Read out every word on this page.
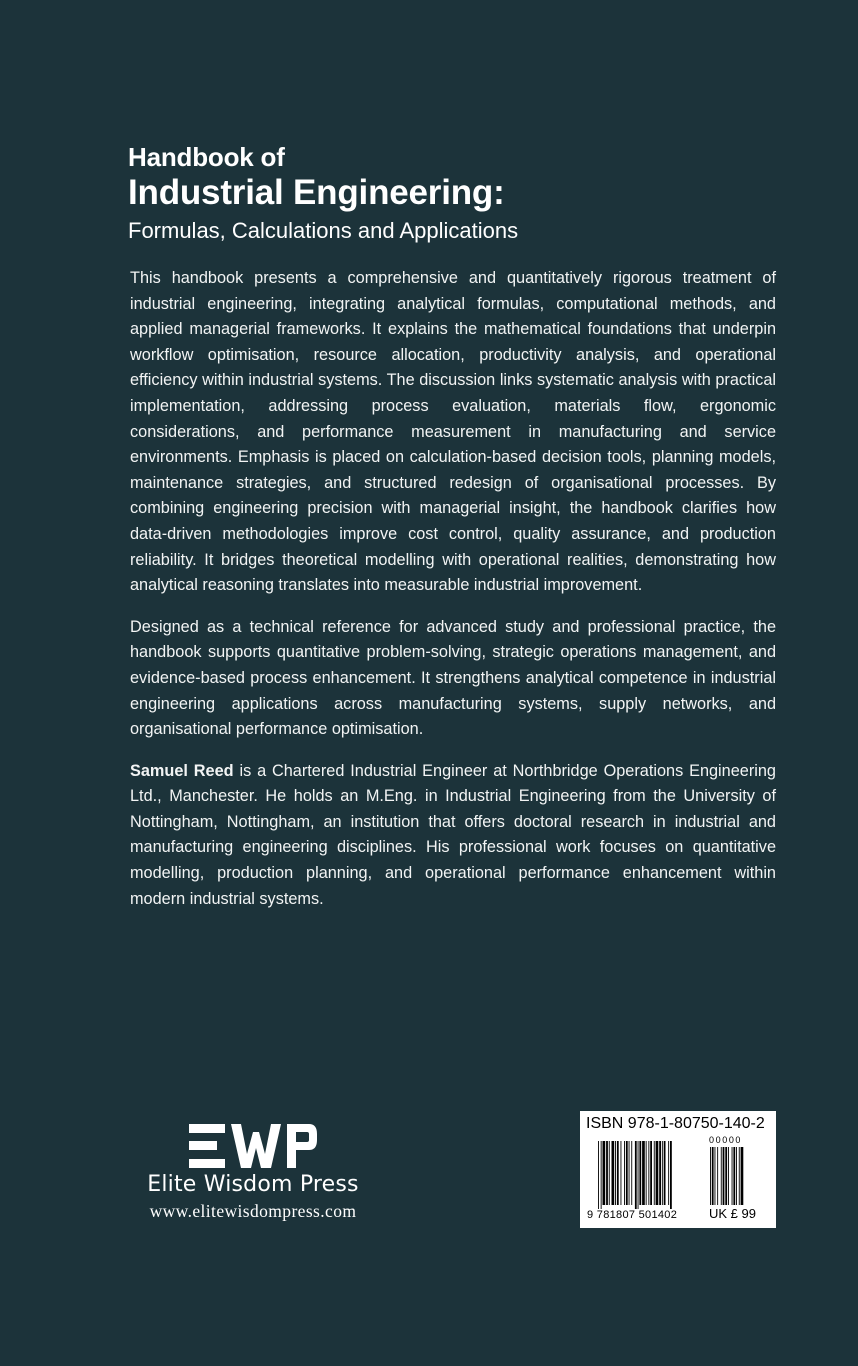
Handbook of
Industrial Engineering:
Formulas, Calculations and Applications

This handbook presents a comprehensive and quantitatively rigorous treatment of industrial engineering, integrating analytical formulas, computational methods, and applied managerial frameworks. It explains the mathematical foundations that underpin workflow optimisation, resource allocation, productivity analysis, and operational efficiency within industrial systems. The discussion links systematic analysis with practical implementation, addressing process evaluation, materials flow, ergonomic considerations, and performance measurement in manufacturing and service environments. Emphasis is placed on calculation-based decision tools, planning models, maintenance strategies, and structured redesign of organisational processes. By combining engineering precision with managerial insight, the handbook clarifies how data-driven methodologies improve cost control, quality assurance, and production reliability. It bridges theoretical modelling with operational realities, demonstrating how analytical reasoning translates into measurable industrial improvement.

Designed as a technical reference for advanced study and professional practice, the handbook supports quantitative problem-solving, strategic operations management, and evidence-based process enhancement. It strengthens analytical competence in industrial engineering applications across manufacturing systems, supply networks, and organisational performance optimisation.

Samuel Reed is a Chartered Industrial Engineer at Northbridge Operations Engineering Ltd., Manchester. He holds an M.Eng. in Industrial Engineering from the University of Nottingham, Nottingham, an institution that offers doctoral research in industrial and manufacturing engineering disciplines. His professional work focuses on quantitative modelling, production planning, and operational performance enhancement within modern industrial systems.

Elite Wisdom Press
www.elitewisdompress.com
ISBN 978-1-80750-140-2
00000
9 781807 501402 UK £ 99
